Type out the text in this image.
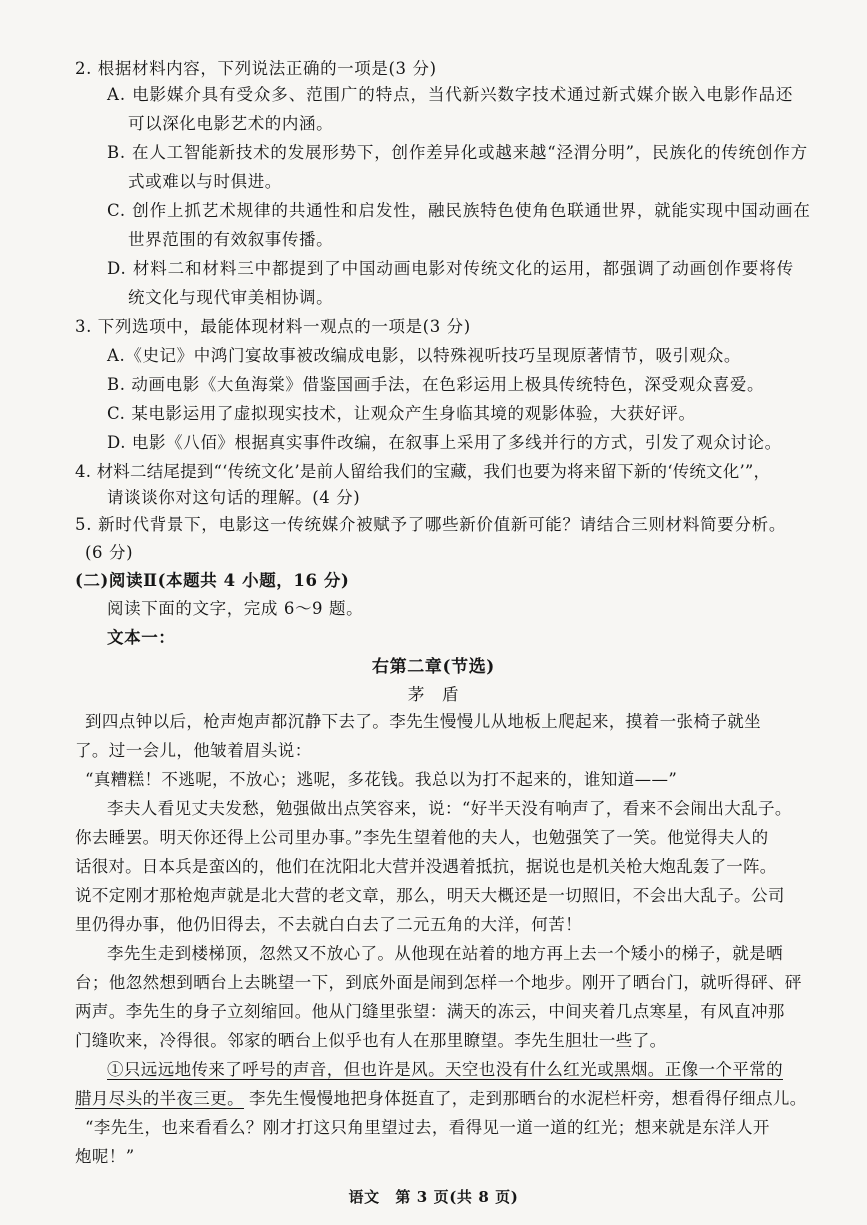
2. 根据材料内容，下列说法正确的一项是(3 分)
A. 电影媒介具有受众多、范围广的特点，当代新兴数字技术通过新式媒介嵌入电影作品还
可以深化电影艺术的内涵。
B. 在人工智能新技术的发展形势下，创作差异化或越来越“泾渭分明”，民族化的传统创作方
式或难以与时俱进。
C. 创作上抓艺术规律的共通性和启发性，融民族特色使角色联通世界，就能实现中国动画在
世界范围的有效叙事传播。
D. 材料二和材料三中都提到了中国动画电影对传统文化的运用，都强调了动画创作要将传
统文化与现代审美相协调。
3. 下列选项中，最能体现材料一观点的一项是(3 分)
A.《史记》中鸿门宴故事被改编成电影，以特殊视听技巧呈现原著情节，吸引观众。
B. 动画电影《大鱼海棠》借鉴国画手法，在色彩运用上极具传统特色，深受观众喜爱。
C. 某电影运用了虚拟现实技术，让观众产生身临其境的观影体验，大获好评。
D. 电影《八佰》根据真实事件改编，在叙事上采用了多线并行的方式，引发了观众讨论。
4. 材料二结尾提到“‘传统文化’是前人留给我们的宝藏，我们也要为将来留下新的‘传统文化’”，
请谈谈你对这句话的理解。(4 分)
5. 新时代背景下，电影这一传统媒介被赋予了哪些新价值新可能？请结合三则材料简要分析。
(6 分)
(二)阅读Ⅱ(本题共 4 小题，16 分)
阅读下面的文字，完成 6～9 题。
文本一：
右第二章(节选)
茅　盾
到四点钟以后，枪声炮声都沉静下去了。李先生慢慢儿从地板上爬起来，摸着一张椅子就坐
了。过一会儿，他皱着眉头说：
“真糟糕！不逃呢，不放心；逃呢，多花钱。我总以为打不起来的，谁知道——”
李夫人看见丈夫发愁，勉强做出点笑容来，说：“好半天没有响声了，看来不会闹出大乱子。
你去睡罢。明天你还得上公司里办事。”李先生望着他的夫人，也勉强笑了一笑。他觉得夫人的
话很对。日本兵是蛮凶的，他们在沈阳北大营并没遇着抵抗，据说也是机关枪大炮乱轰了一阵。
说不定刚才那枪炮声就是北大营的老文章，那么，明天大概还是一切照旧，不会出大乱子。公司
里仍得办事，他仍旧得去，不去就白白去了二元五角的大洋，何苦！
李先生走到楼梯顶，忽然又不放心了。从他现在站着的地方再上去一个矮小的梯子，就是晒
台；他忽然想到晒台上去眺望一下，到底外面是闹到怎样一个地步。刚开了晒台门，就听得砰、砰
两声。李先生的身子立刻缩回。他从门缝里张望：满天的冻云，中间夹着几点寒星，有风直冲那
门缝吹来，冷得很。邻家的晒台上似乎也有人在那里瞭望。李先生胆壮一些了。
①只远远地传来了呼号的声音，但也许是风。天空也没有什么红光或黑烟。正像一个平常的
腊月尽头的半夜三更。 李先生慢慢地把身体挺直了，走到那晒台的水泥栏杆旁，想看得仔细点儿。
“李先生，也来看看么？刚才打这只角里望过去，看得见一道一道的红光；想来就是东洋人开
炮呢！”
语文　第 3 页(共 8 页)
